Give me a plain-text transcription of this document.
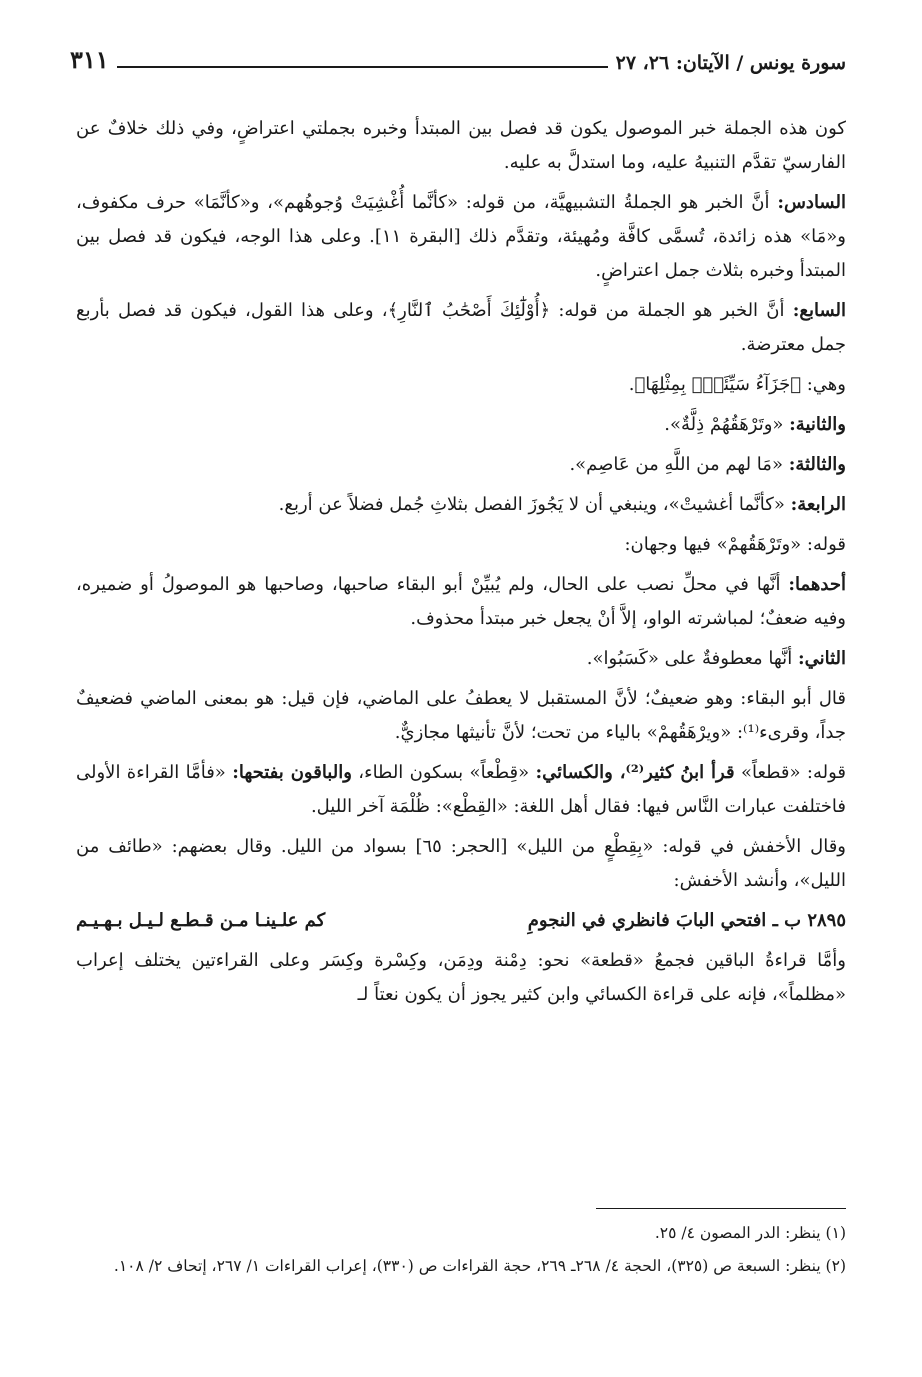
سورة يونس / الآيتان: ٢٦، ٢٧
٣١١

كون هذه الجملة خبر الموصول يكون قد فصل بين المبتدأ وخبره بجملتي اعتراضٍ، وفي ذلك خلافٌ عن الفارسيّ تقدَّم التنبيهُ عليه، وما استدلَّ به عليه.

السادس: أنَّ الخبر هو الجملةُ التشبيهيَّة، من قوله: «كأنَّما أُغْشِيَتْ وُجوهُهم»، و«كأنَّمَا» حرف مكفوف، و«مَا» هذه زائدة، تُسمَّى كافَّة ومُهيئة، وتقدَّم ذلك [البقرة ١١]. وعلى هذا الوجه، فيكون قد فصل بين المبتدأ وخبره بثلاث جمل اعتراضٍ.

السابع: أنَّ الخبر هو الجملة من قوله: ﴿أُوْلَٰٓئِكَ أَصْحَٰبُ ٱلنَّارِ﴾، وعلى هذا القول، فيكون قد فصل بأربع جمل معترضة.

وهي: ﴿جَزَآءُ سَيِّئَةٍۭ بِمِثْلِهَا﴾.

والثانية: «وتَرْهَقُهُمْ ذِلَّةٌ».

والثالثة: «مَا لهم من اللَّهِ من عَاصِم».

الرابعة: «كأنَّما أغشيتْ»، وينبغي أن لا يَجُوزَ الفصل بثلاثِ جُمل فضلاً عن أربع.

قوله: «وتَرْهَقُهمْ» فيها وجهان:

أحدهما: أنَّها في محلِّ نصب على الحال، ولم يُبيِّنْ أبو البقاء صاحبها، وصاحبها هو الموصولُ أو ضميره، وفيه ضعفٌ؛ لمباشرته الواو، إلاَّ أنْ يجعل خبر مبتدأ محذوف.

الثاني: أنَّها معطوفةٌ على «كَسَبُوا».

قال أبو البقاء: وهو ضعيفٌ؛ لأنَّ المستقبل لا يعطفُ على الماضي، فإن قيل: هو بمعنى الماضي فضعيفٌ جداً، وقرىء⁽¹⁾: «ويرْهَقُهمْ» بالياء من تحت؛ لأنَّ تأنيثها مجازيٌّ.

قوله: «قطعاً» قرأ ابنُ كثير⁽²⁾، والكسائي: «قِطْعاً» بسكون الطاء، والباقون بفتحها: «فأمَّا القراءة الأولى فاختلفت عبارات النَّاس فيها: فقال أهل اللغة: «القِطْع»: ظُلْمَة آخر الليل.

وقال الأخفش في قوله: «بِقِطْعٍ من الليل» [الحجر: ٦٥] بسواد من الليل. وقال بعضهم: «طائف من الليل»، وأنشد الأخفش:

٢٨٩٥ ب ـ افتحي البابَ فانظري في النجومِ
كم علـينـا مـن قـطـع لـيـل بـهـيـم

وأمَّا قراءةُ الباقين فجمعُ «قطعة» نحو: دِمْنة ودِمَن، وكِسْرة وكِسَر وعلى القراءتين يختلف إعراب «مظلماً»، فإنه على قراءة الكسائي وابن كثير يجوز أن يكون نعتاً لـ

(١) ينظر: الدر المصون ٤/ ٢٥.

(٢) ينظر: السبعة ص (٣٢٥)، الحجة ٤/ ٢٦٨ـ ٢٦٩، حجة القراءات ص (٣٣٠)، إعراب القراءات ١/ ٢٦٧، إتحاف ٢/ ١٠٨.
